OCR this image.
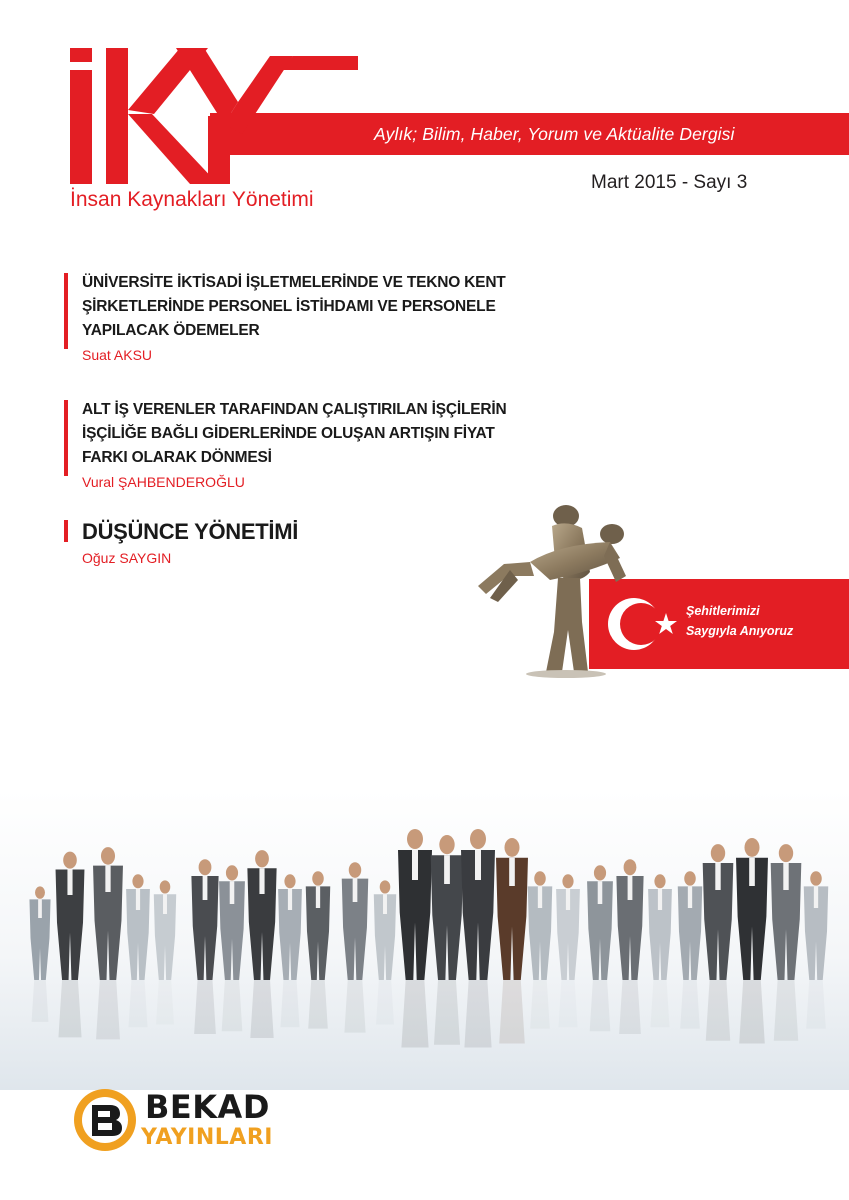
İnsan Kaynakları Yönetimi
Aylık; Bilim, Haber, Yorum ve Aktüalite Dergisi
Mart 2015 - Sayı 3
ÜNİVERSİTE İKTİSADİ İŞLETMELERİNDE VE TEKNO KENT ŞİRKETLERİNDE PERSONEL İSTİHDAMI VE PERSONELE YAPILACAK ÖDEMELER
Suat AKSU
ALT İŞ VERENLER TARAFINDAN ÇALIŞTIRILAN İŞÇİLERİN İŞÇİLİĞE BAĞLI GİDERLERİNDE OLUŞAN ARTIŞIN FİYAT FARKI OLARAK DÖNMESİ
Vural ŞAHBENDEROĞLU
DÜŞÜNCE YÖNETİMİ
Oğuz SAYGIN
Şehitlerimizi
Saygıyla Anıyoruz
BEKAD
YAYINLARI
